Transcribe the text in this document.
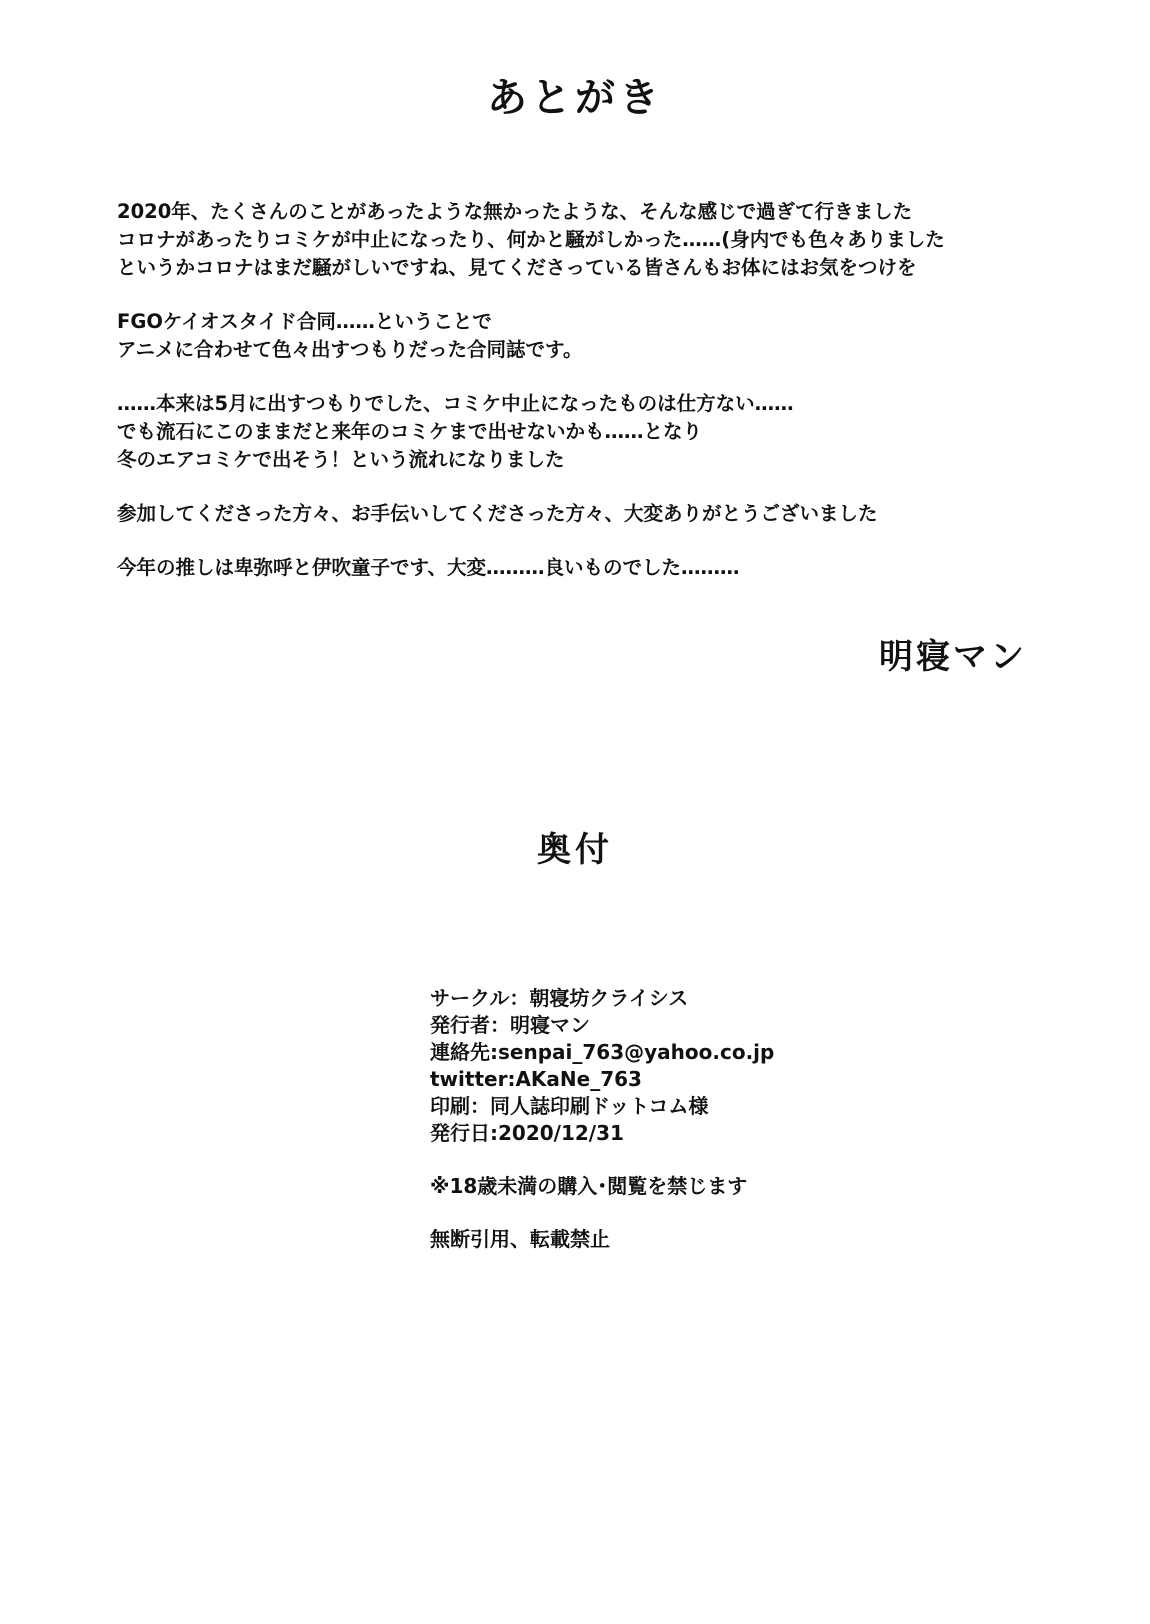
あとがき
2020年、たくさんのことがあったような無かったような、そんな感じで過ぎて行きました
コロナがあったりコミケが中止になったり、何かと騒がしかった……(身内でも色々ありました
というかコロナはまだ騒がしいですね、見てくださっている皆さんもお体にはお気をつけを
FGOケイオスタイド合同……ということで
アニメに合わせて色々出すつもりだった合同誌です。
……本来は5月に出すつもりでした、コミケ中止になったものは仕方ない……
でも流石にこのままだと来年のコミケまで出せないかも……となり
冬のエアコミケで出そう！という流れになりました
参加してくださった方々、お手伝いしてくださった方々、大変ありがとうございました
今年の推しは卑弥呼と伊吹童子です、大変………良いものでした………
明寝マン
奥付
サークル：朝寝坊クライシス
発行者：明寝マン
連絡先:senpai_763@yahoo.co.jp
twitter:AKaNe_763
印刷：同人誌印刷ドットコム様
発行日:2020/12/31
※18歳未満の購入･閲覧を禁じます
無断引用、転載禁止
